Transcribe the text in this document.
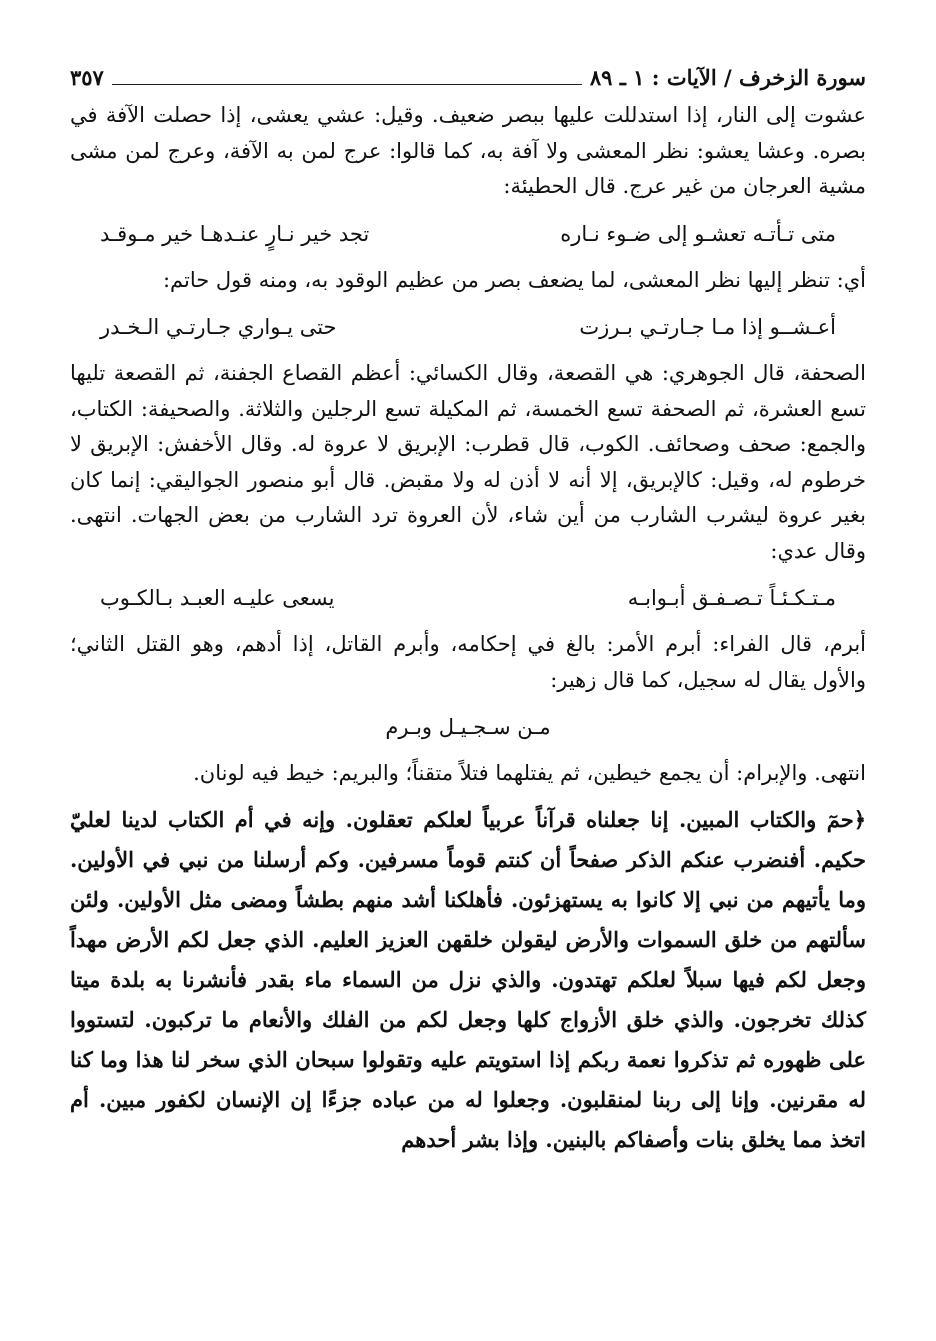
سورة الزخرف / الآيات : ١ ـ ٨٩
٣٥٧

عشوت إلى النار، إذا استدللت عليها ببصر ضعيف. وقيل: عشي يعشى، إذا حصلت الآفة في بصره. وعشا يعشو: نظر المعشى ولا آفة به، كما قالوا: عرج لمن به الآفة، وعرج لمن مشى مشية العرجان من غير عرج. قال الحطيئة:

متى تـأتـه تعشـو إلى ضـوء نـاره
تجد خير نـارٍ عنـدهـا خير مـوقـد

أي: تنظر إليها نظر المعشى، لما يضعف بصر من عظيم الوقود به، ومنه قول حاتم:

أعـشــو إذا مـا جـارتـي بـرزت
حتى يـواري جـارتـي الـخـدر

الصحفة، قال الجوهري: هي القصعة، وقال الكسائي: أعظم القصاع الجفنة، ثم القصعة تليها تسع العشرة، ثم الصحفة تسع الخمسة، ثم المكيلة تسع الرجلين والثلاثة. والصحيفة: الكتاب، والجمع: صحف وصحائف. الكوب، قال قطرب: الإبريق لا عروة له. وقال الأخفش: الإبريق لا خرطوم له، وقيل: كالإبريق، إلا أنه لا أذن له ولا مقبض. قال أبو منصور الجواليقي: إنما كان بغير عروة ليشرب الشارب من أين شاء، لأن العروة ترد الشارب من بعض الجهات. انتهى. وقال عدي:

مـتـكـئـاً تـصـفـق أبـوابـه
يسعى عليـه العبـد بـالكـوب

أبرم، قال الفراء: أبرم الأمر: بالغ في إحكامه، وأبرم القاتل، إذا أدهم، وهو القتل الثاني؛ والأول يقال له سجيل، كما قال زهير:

مـن سـجـيـل وبـرم

انتهى. والإبرام: أن يجمع خيطين، ثم يفتلهما فتلاً متقناً؛ والبريم: خيط فيه لونان.

﴿حمٓ والكتاب المبين. إنا جعلناه قرآناً عربياً لعلكم تعقلون. وإنه في أم الكتاب لدينا لعليّ حكيم. أفنضرب عنكم الذكر صفحاً أن كنتم قوماً مسرفين. وكم أرسلنا من نبي في الأولين. وما يأتيهم من نبي إلا كانوا به يستهزئون. فأهلكنا أشد منهم بطشاً ومضى مثل الأولين. ولئن سألتهم من خلق السموات والأرض ليقولن خلقهن العزيز العليم. الذي جعل لكم الأرض مهداً وجعل لكم فيها سبلاً لعلكم تهتدون. والذي نزل من السماء ماء بقدر فأنشرنا به بلدة ميتا كذلك تخرجون. والذي خلق الأزواج كلها وجعل لكم من الفلك والأنعام ما تركبون. لتستووا على ظهوره ثم تذكروا نعمة ربكم إذا استويتم عليه وتقولوا سبحان الذي سخر لنا هذا وما كنا له مقرنين. وإنا إلى ربنا لمنقلبون. وجعلوا له من عباده جزءًا إن الإنسان لكفور مبين. أم اتخذ مما يخلق بنات وأصفاكم بالبنين. وإذا بشر أحدهم
